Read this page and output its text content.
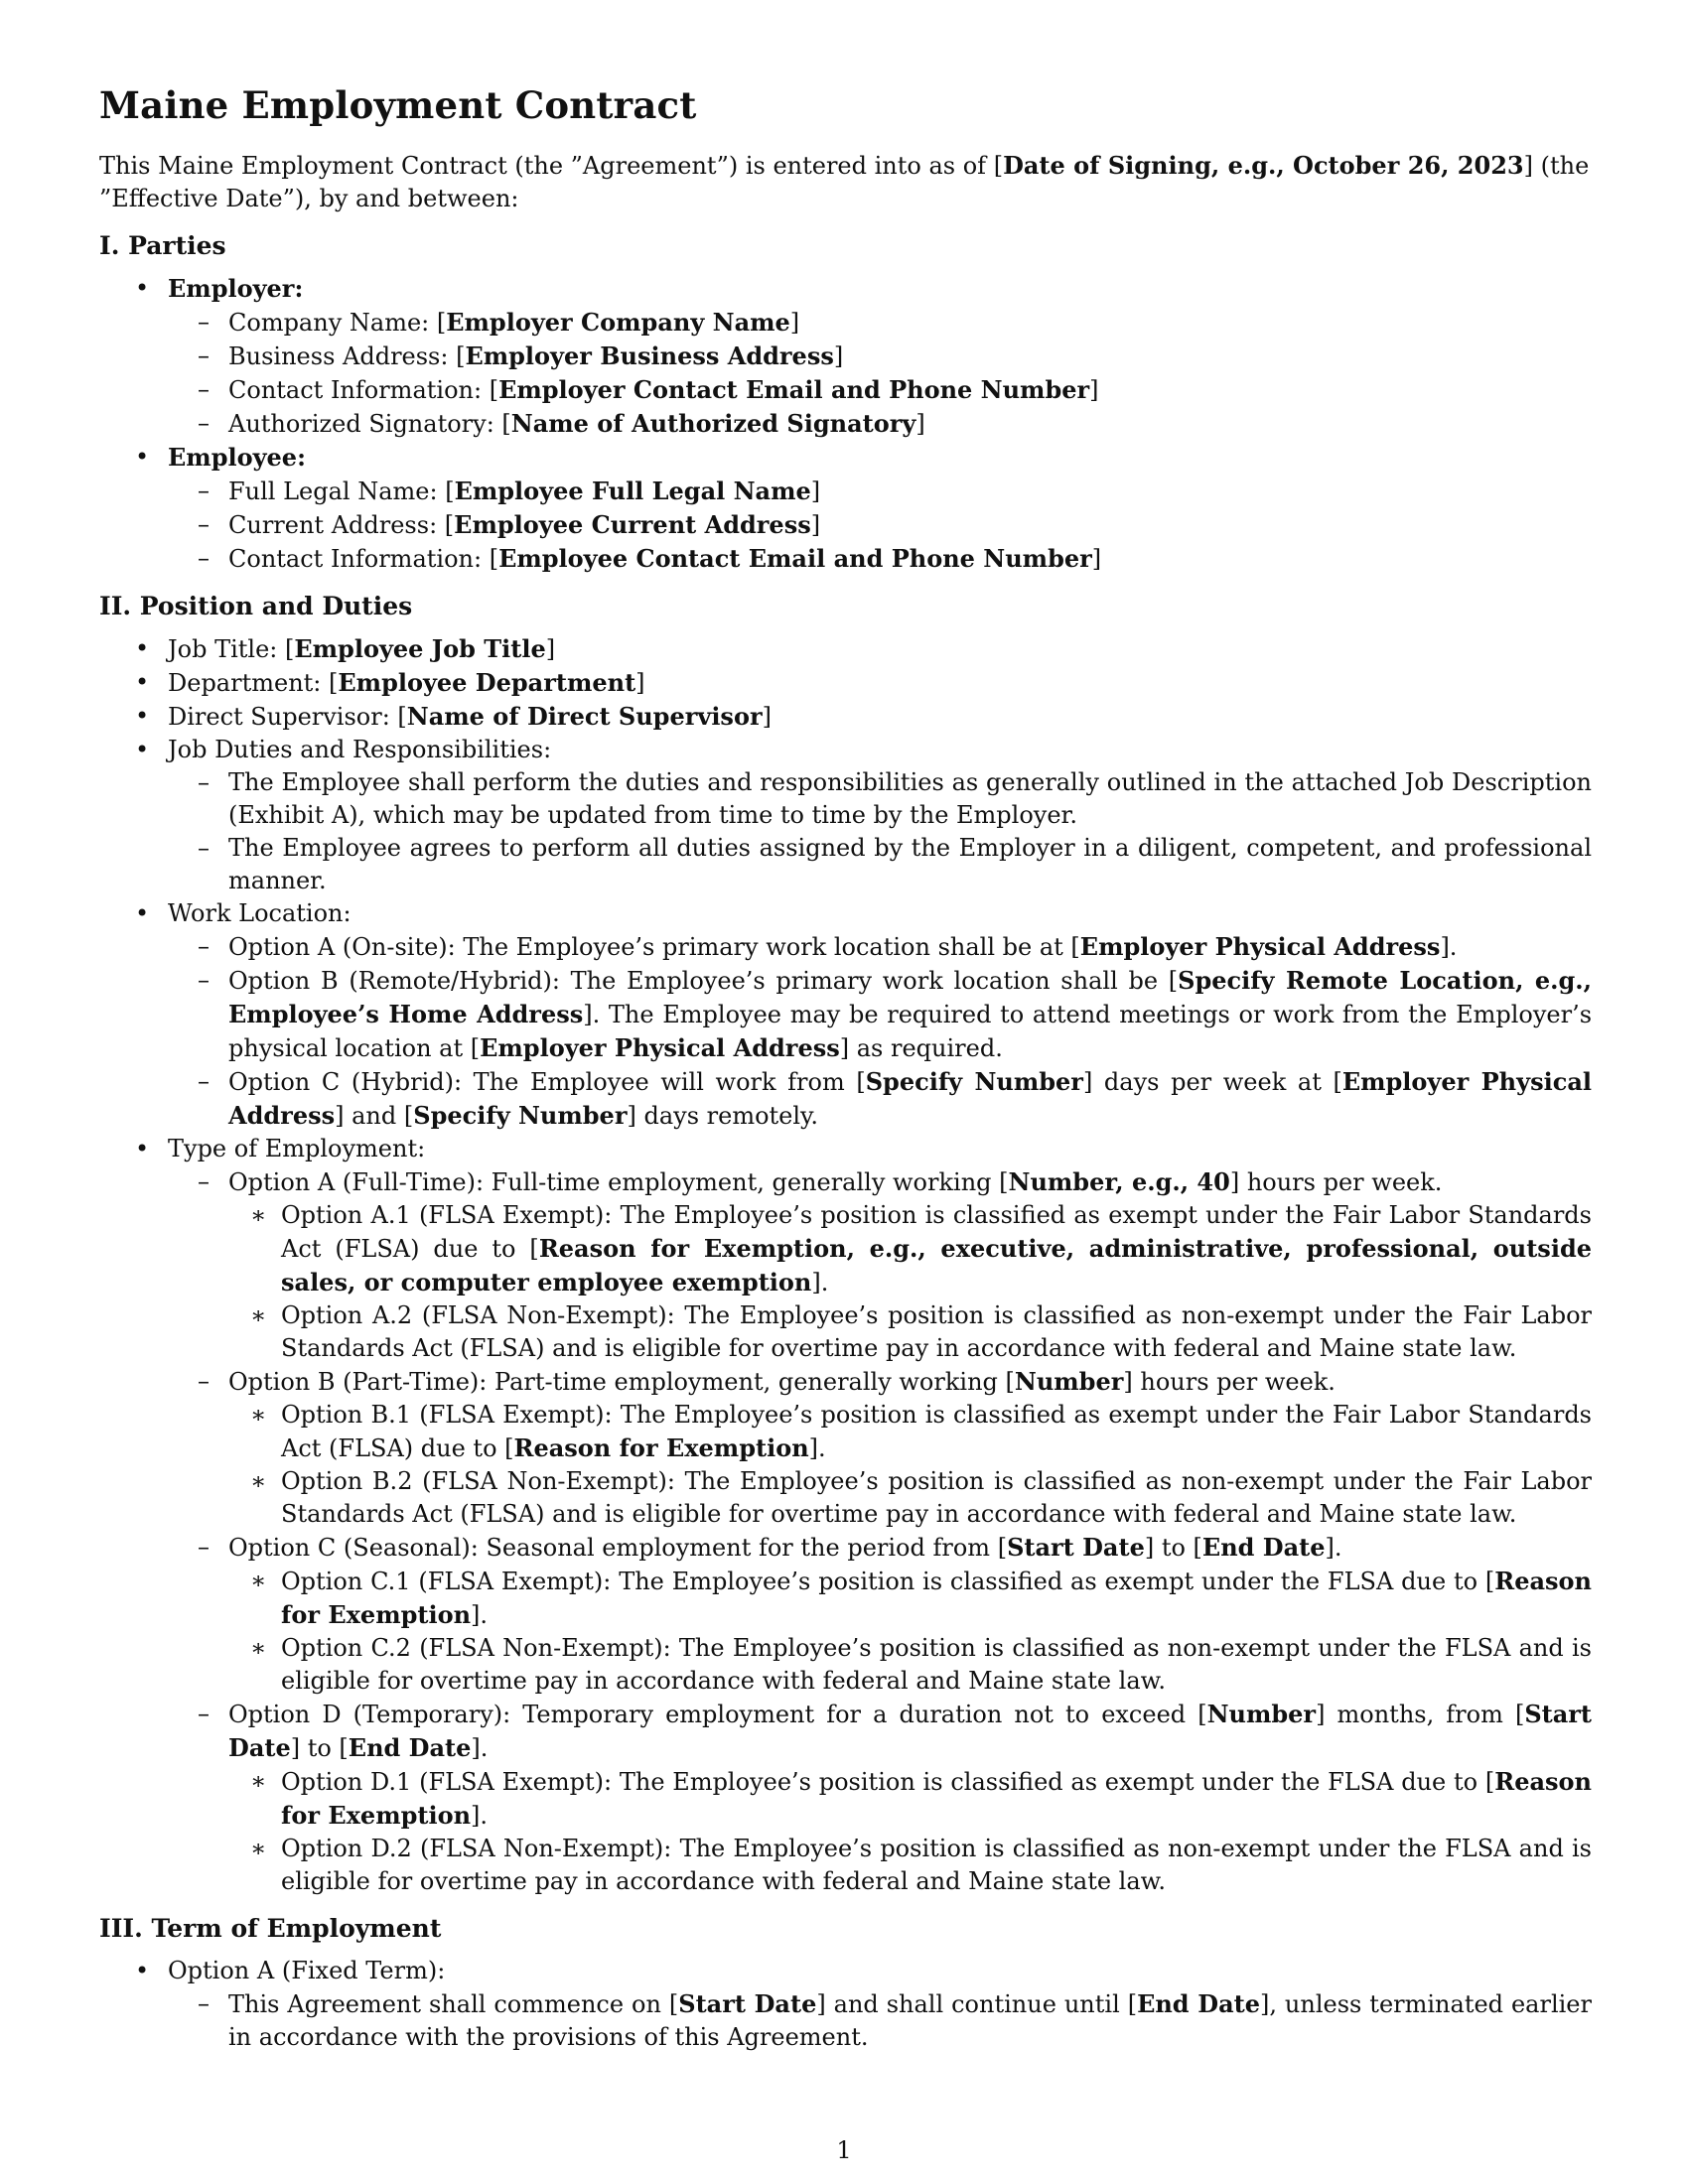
Maine Employment Contract

This Maine Employment Contract (the ”Agreement”) is entered into as of [Date of Signing, e.g., October 26, 2023] (the ”Effective Date”), by and between:

I. Parties
• Employer:
– Company Name: [Employer Company Name]
– Business Address: [Employer Business Address]
– Contact Information: [Employer Contact Email and Phone Number]
– Authorized Signatory: [Name of Authorized Signatory]
• Employee:
– Full Legal Name: [Employee Full Legal Name]
– Current Address: [Employee Current Address]
– Contact Information: [Employee Contact Email and Phone Number]
II. Position and Duties
• Job Title: [Employee Job Title]
• Department: [Employee Department]
• Direct Supervisor: [Name of Direct Supervisor]
• Job Duties and Responsibilities:
– The Employee shall perform the duties and responsibilities as generally outlined in the attached Job Description (Exhibit A), which may be updated from time to time by the Employer.
– The Employee agrees to perform all duties assigned by the Employer in a diligent, competent, and professional manner.
• Work Location:
– Option A (On-site): The Employee’s primary work location shall be at [Employer Physical Address].
– Option B (Remote/Hybrid): The Employee’s primary work location shall be [Specify Remote Location, e.g., Employee’s Home Address]. The Employee may be required to attend meetings or work from the Employer’s physical location at [Employer Physical Address] as required.
– Option C (Hybrid): The Employee will work from [Specify Number] days per week at [Employer Physical Address] and [Specify Number] days remotely.
• Type of Employment:
– Option A (Full-Time): Full-time employment, generally working [Number, e.g., 40] hours per week.
∗ Option A.1 (FLSA Exempt): The Employee’s position is classified as exempt under the Fair Labor Standards Act (FLSA) due to [Reason for Exemption, e.g., executive, administrative, professional, outside sales, or computer employee exemption].
∗ Option A.2 (FLSA Non-Exempt): The Employee’s position is classified as non-exempt under the Fair Labor Standards Act (FLSA) and is eligible for overtime pay in accordance with federal and Maine state law.
– Option B (Part-Time): Part-time employment, generally working [Number] hours per week.
∗ Option B.1 (FLSA Exempt): The Employee’s position is classified as exempt under the Fair Labor Standards Act (FLSA) due to [Reason for Exemption].
∗ Option B.2 (FLSA Non-Exempt): The Employee’s position is classified as non-exempt under the Fair Labor Standards Act (FLSA) and is eligible for overtime pay in accordance with federal and Maine state law.
– Option C (Seasonal): Seasonal employment for the period from [Start Date] to [End Date].
∗ Option C.1 (FLSA Exempt): The Employee’s position is classified as exempt under the FLSA due to [Reason for Exemption].
∗ Option C.2 (FLSA Non-Exempt): The Employee’s position is classified as non-exempt under the FLSA and is eligible for overtime pay in accordance with federal and Maine state law.
– Option D (Temporary): Temporary employment for a duration not to exceed [Number] months, from [Start Date] to [End Date].
∗ Option D.1 (FLSA Exempt): The Employee’s position is classified as exempt under the FLSA due to [Reason for Exemption].
∗ Option D.2 (FLSA Non-Exempt): The Employee’s position is classified as non-exempt under the FLSA and is eligible for overtime pay in accordance with federal and Maine state law.
III. Term of Employment
• Option A (Fixed Term):
– This Agreement shall commence on [Start Date] and shall continue until [End Date], unless terminated earlier in accordance with the provisions of this Agreement.
1
